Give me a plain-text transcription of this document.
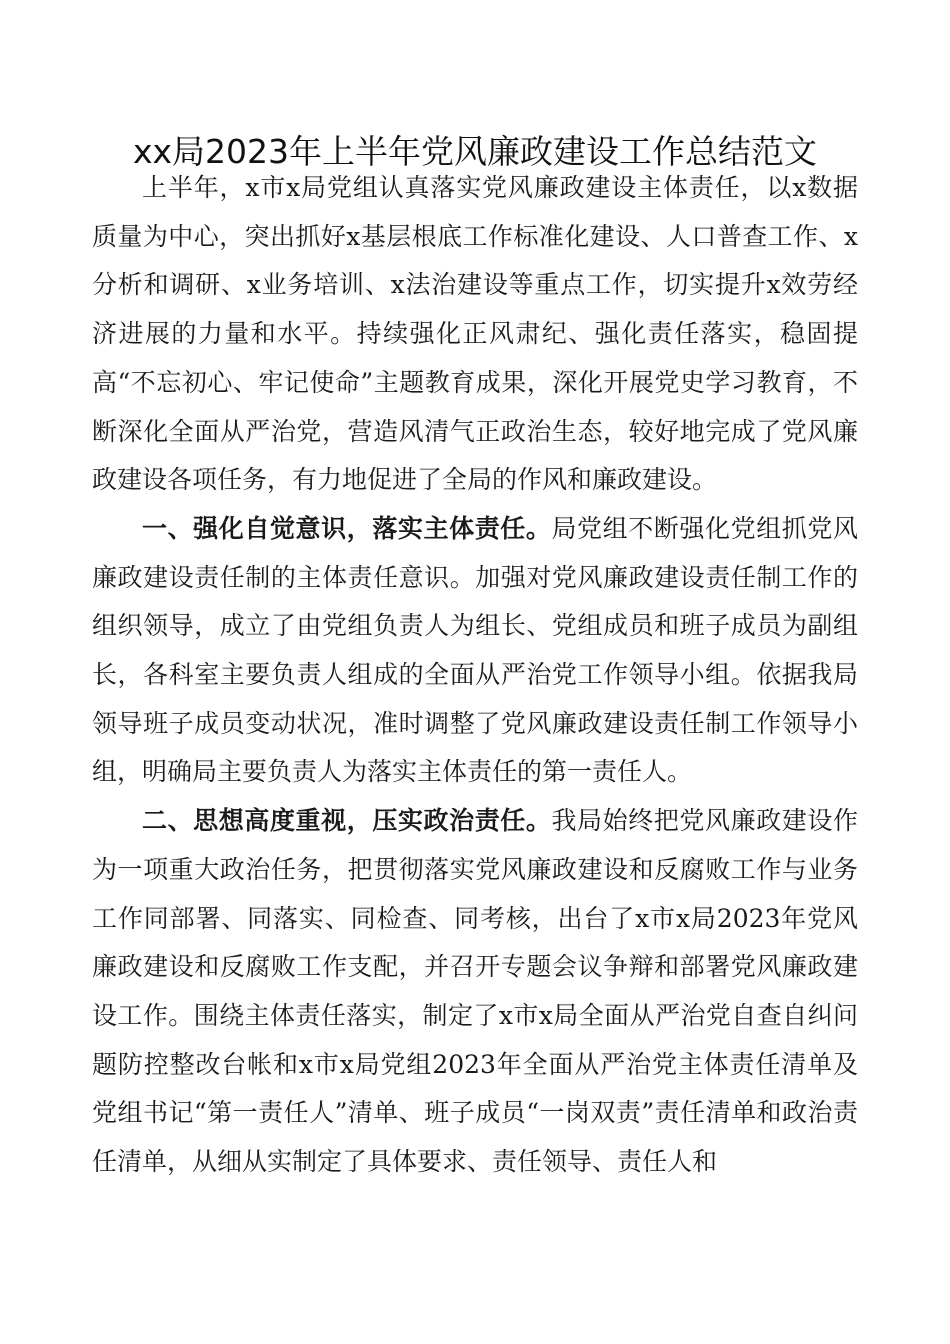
xx局2023年上半年党风廉政建设工作总结范文

上半年，x市x局党组认真落实党风廉政建设主体责任，以x数据质量为中心，突出抓好x基层根底工作标准化建设、人口普查工作、x分析和调研、x业务培训、x法治建设等重点工作，切实提升x效劳经济进展的力量和水平。持续强化正风肃纪、强化责任落实，稳固提高“不忘初心、牢记使命”主题教育成果，深化开展党史学习教育，不断深化全面从严治党，营造风清气正政治生态，较好地完成了党风廉政建设各项任务，有力地促进了全局的作风和廉政建设。

一、强化自觉意识，落实主体责任。局党组不断强化党组抓党风廉政建设责任制的主体责任意识。加强对党风廉政建设责任制工作的组织领导，成立了由党组负责人为组长、党组成员和班子成员为副组长，各科室主要负责人组成的全面从严治党工作领导小组。依据我局领导班子成员变动状况，准时调整了党风廉政建设责任制工作领导小组，明确局主要负责人为落实主体责任的第一责任人。

二、思想高度重视，压实政治责任。我局始终把党风廉政建设作为一项重大政治任务，把贯彻落实党风廉政建设和反腐败工作与业务工作同部署、同落实、同检查、同考核，出台了x市x局2023年党风廉政建设和反腐败工作支配，并召开专题会议争辩和部署党风廉政建设工作。围绕主体责任落实，制定了x市x局全面从严治党自查自纠问题防控整改台帐和x市x局党组2023年全面从严治党主体责任清单及党组书记“第一责任人”清单、班子成员“一岗双责”责任清单和政治责任清单，从细从实制定了具体要求、责任领导、责任人和
